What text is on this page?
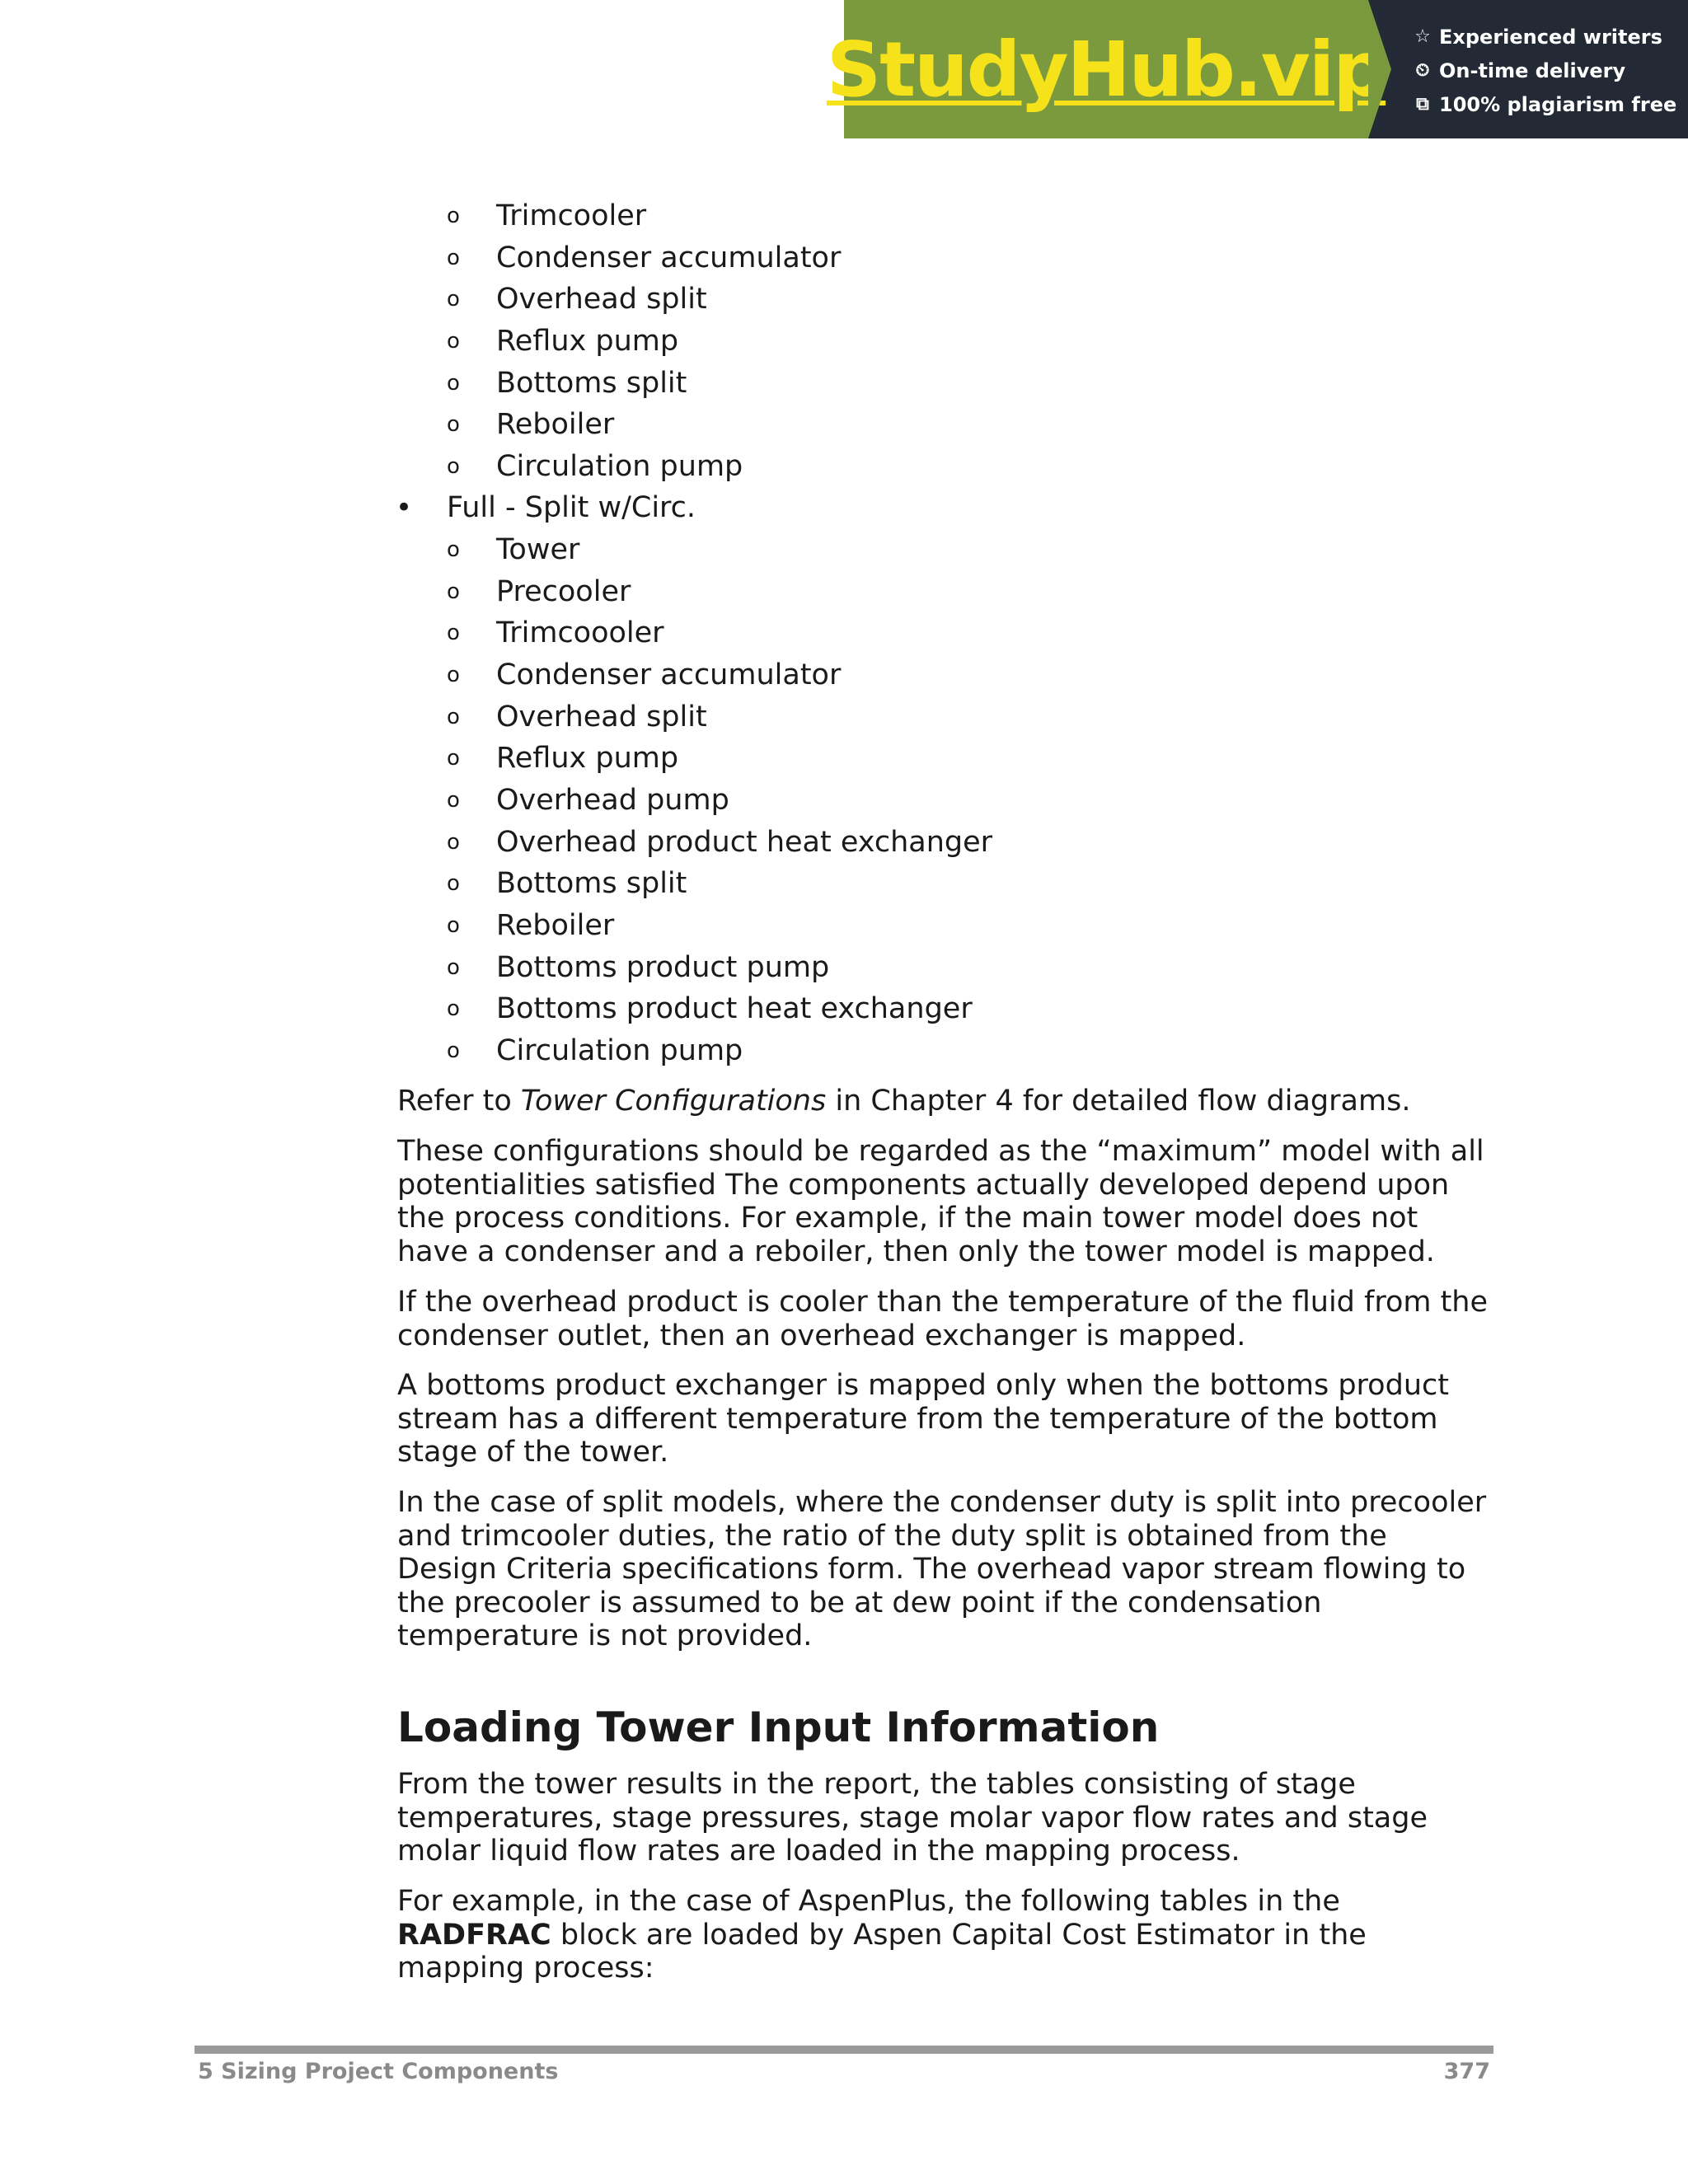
StudyHub.vip ☆ Experienced writers
⏲ On-time delivery
⧉ 100% plagiarism free
o Trimcooler
o Condenser accumulator
o Overhead split
o Reflux pump
o Bottoms split
o Reboiler
o Circulation pump
• Full - Split w/Circ.
o Tower
o Precooler
o Trimcoooler
o Condenser accumulator
o Overhead split
o Reflux pump
o Overhead pump
o Overhead product heat exchanger
o Bottoms split
o Reboiler
o Bottoms product pump
o Bottoms product heat exchanger
o Circulation pump

Refer to Tower Configurations in Chapter 4 for detailed flow diagrams.

These configurations should be regarded as the “maximum” model with all potentialities satisfied The components actually developed depend upon the process conditions. For example, if the main tower model does not have a condenser and a reboiler, then only the tower model is mapped.

If the overhead product is cooler than the temperature of the fluid from the condenser outlet, then an overhead exchanger is mapped.

A bottoms product exchanger is mapped only when the bottoms product stream has a different temperature from the temperature of the bottom stage of the tower.

In the case of split models, where the condenser duty is split into precooler and trimcooler duties, the ratio of the duty split is obtained from the Design Criteria specifications form. The overhead vapor stream flowing to the precooler is assumed to be at dew point if the condensation temperature is not provided.

Loading Tower Input Information

From the tower results in the report, the tables consisting of stage temperatures, stage pressures, stage molar vapor flow rates and stage molar liquid flow rates are loaded in the mapping process.

For example, in the case of AspenPlus, the following tables in the RADFRAC block are loaded by Aspen Capital Cost Estimator in the mapping process:

5 Sizing Project Components	377
